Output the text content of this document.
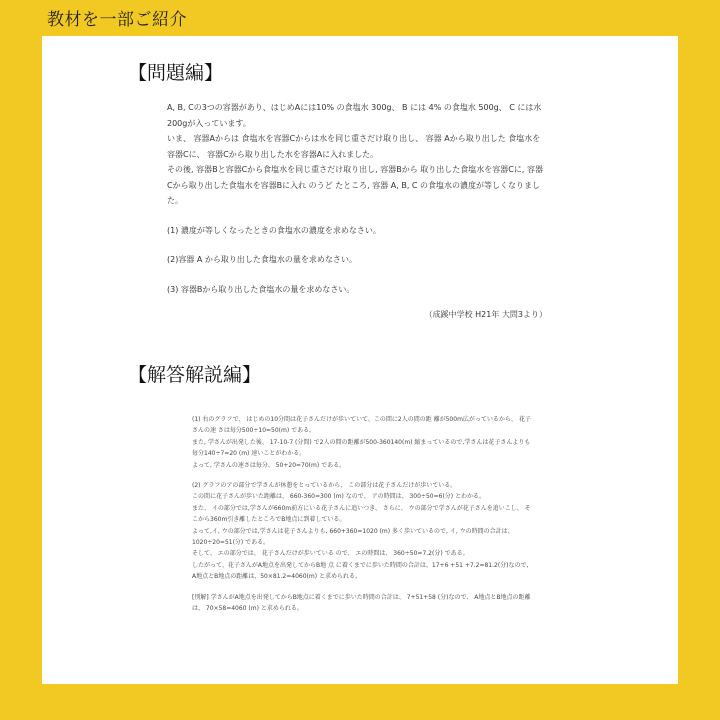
教材を一部ご紹介
【問題編】

A, B, Cの3つの容器があり、はじめAには10% の食塩水 300g、 B には 4% の食塩水 500g、 C には水200gが入っています。

いま、 容器Aからは 食塩水を容器Cからは水を同じ重さだけ取り出し、 容器 Aから取り出した 食塩水を容器Cに、 容器Cから取り出した水を容器Aに入れました。

その後, 容器Bと容器Cから食塩水を同じ重さだけ取り出し, 容器Bから 取り出した食塩水を容器Cに, 容器Cから取り出した食塩水を容器Bに入れ のうど たところ, 容器 A, B, C の食塩水の濃度が等しくなりました。

(1) 濃度が等しくなったときの食塩水の濃度を求めなさい。

(2)容器 A から取り出した食塩水の量を求めなさい。

(3) 容器Bから取り出した食塩水の量を求めなさい。

（成蹊中学校 H21年 大問3より）

【解答解説編】

(1) 右のグラフで、 はじめの10分間は花子さんだけが歩いていて、この間に2人の間の距 離が500m広がっているから、 花子さんの速 さは毎分500÷10=50(m) である。

また, 学さんが出発した後、 17-10-7 (分間) で2人の間の距離が500-360140(m) 縮まっているので,学さんは花子さんよりも毎分140÷7=20 (m) 速いことがわかる。

よって, 学さんの速さは毎分、 50+20=70(m) である。

(2) グラフのアの部分で学さんが休憩をとっているから、 この部分は花子さんだけが歩いている。

この間に花子さんが歩いた距離は、 660-360=300 (m) なので、 アの時間は、 300÷50=6(分) とわかる。

また、 イの部分では,学さんが660m前方にいる花子さんに追いつき、 さらに、 ウの部分で学さんが花子さんを追いこし、 そこから360m引き離したところでB地点に到着している。

よって,イ, ウの部分では,学さんは花子さんよりも, 660+360=1020 (m) 多く歩いているので, イ, ウの時間の合計は、1020÷20=51(分) である。

そして、 エの部分では、 花子さんだけが歩いている ので、 エの時間は、 360÷50=7.2(分) である。

したがって、花子さんがA地点を出発してからB地 点 に着くまでに歩いた時間の合計は、17+6 +51 +7.2=81.2(分)なので, A地点とB地点の距離は、50×81.2=4060(m) と求められる。

[別解] 学さんがA地点を出発してからB地点に着くまでに歩いた時間の合計は、 7+51+58 (分)なので、 A地点とB地点の距離は、 70×58=4060 (m) と求められる。
